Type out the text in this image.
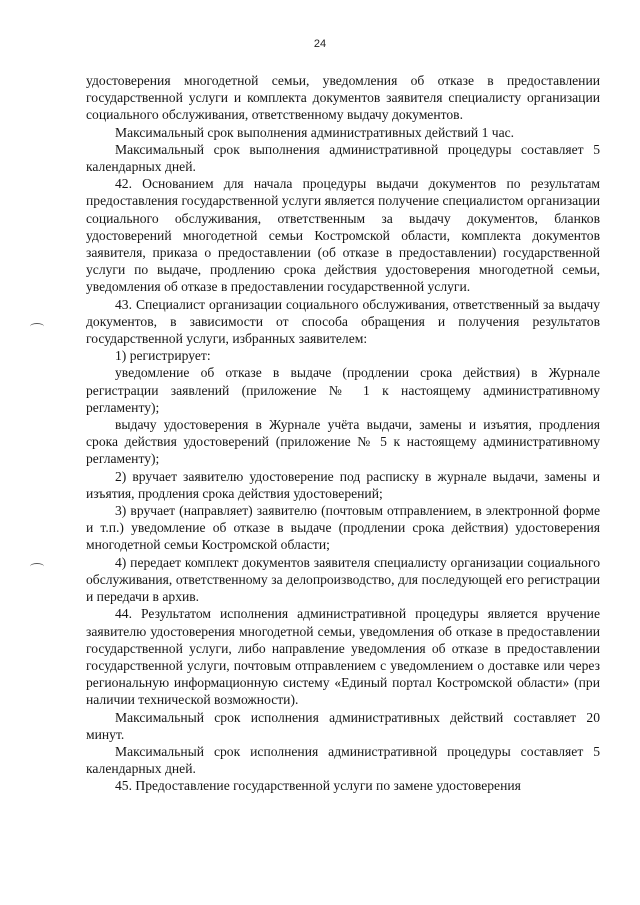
24

удостоверения многодетной семьи, уведомления об отказе в предоставлении государственной услуги и комплекта документов заявителя специалисту организации социального обслуживания, ответственному выдачу документов.

Максимальный срок выполнения административных действий 1 час.

Максимальный срок выполнения административной процедуры составляет 5 календарных дней.

42. Основанием для начала процедуры выдачи документов по результатам предоставления государственной услуги является получение специалистом организации социального обслуживания, ответственным за выдачу документов, бланков удостоверений многодетной семьи Костромской области, комплекта документов заявителя, приказа о предоставлении (об отказе в предоставлении) государственной услуги по выдаче, продлению срока действия удостоверения многодетной семьи, уведомления об отказе в предоставлении государственной услуги.

43. Специалист организации социального обслуживания, ответственный за выдачу документов, в зависимости от способа обращения и получения результатов государственной услуги, избранных заявителем:

1) регистрирует:

уведомление об отказе в выдаче (продлении срока действия) в Журнале регистрации заявлений (приложение № 1 к настоящему административному регламенту);

выдачу удостоверения в Журнале учёта выдачи, замены и изъятия, продления срока действия удостоверений (приложение № 5 к настоящему административному регламенту);

2) вручает заявителю удостоверение под расписку в журнале выдачи, замены и изъятия, продления срока действия удостоверений;

3) вручает (направляет) заявителю (почтовым отправлением, в электронной форме и т.п.) уведомление об отказе в выдаче (продлении срока действия) удостоверения многодетной семьи Костромской области;

4) передает комплект документов заявителя специалисту организации социального обслуживания, ответственному за делопроизводство, для последующей его регистрации и передачи в архив.

44. Результатом исполнения административной процедуры является вручение заявителю удостоверения многодетной семьи, уведомления об отказе в предоставлении государственной услуги, либо направление уведомления об отказе в предоставлении государственной услуги, почтовым отправлением с уведомлением о доставке или через региональную информационную систему «Единый портал Костромской области» (при наличии технической возможности).

Максимальный срок исполнения административных действий составляет 20 минут.

Максимальный срок исполнения административной процедуры составляет 5 календарных дней.

45. Предоставление государственной услуги по замене удостоверения
